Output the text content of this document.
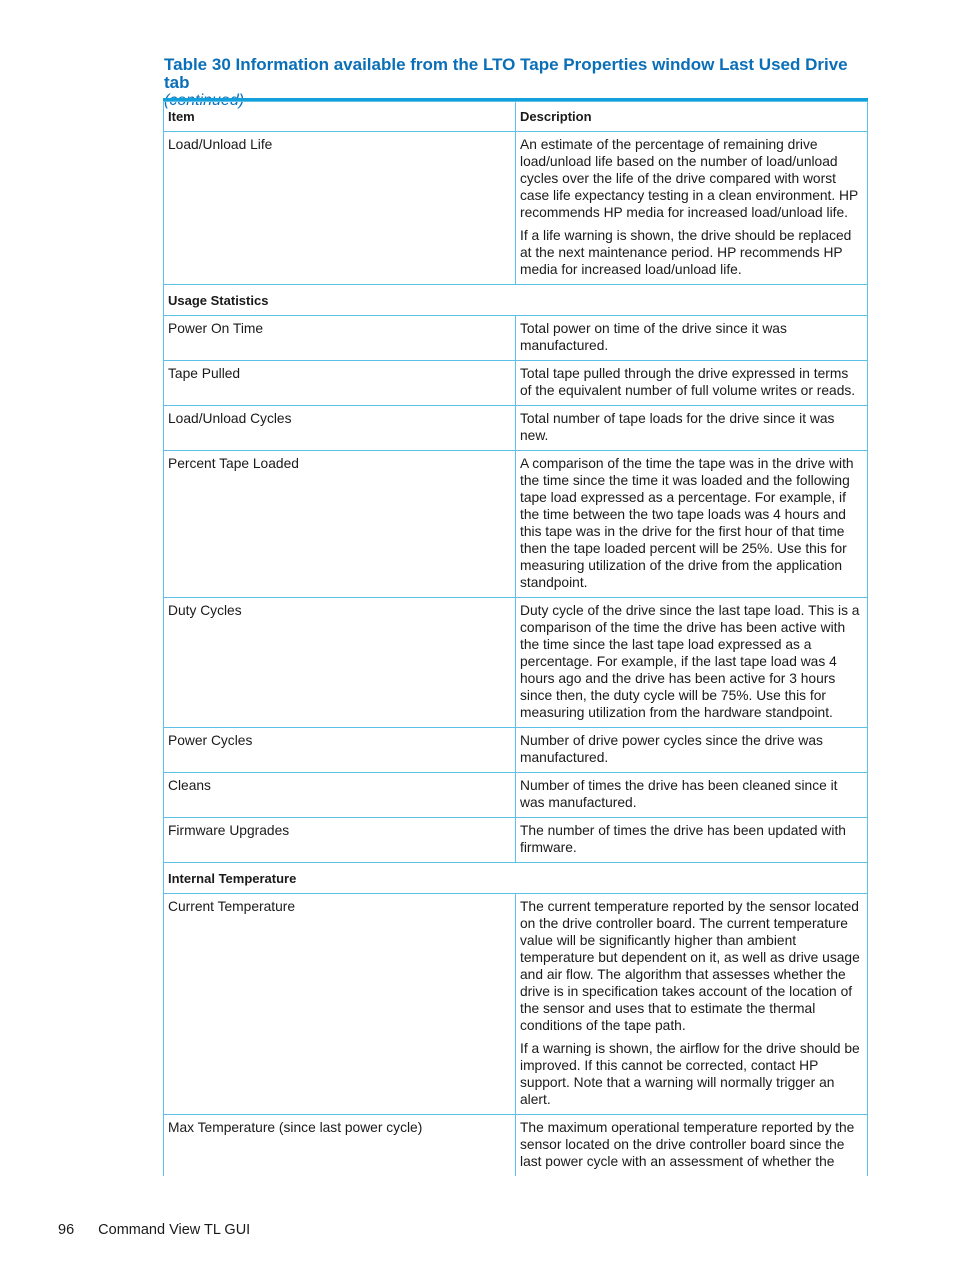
Table 30 Information available from the LTO Tape Properties window Last Used Drive tab
Item	Description
Load/Unload Life	An estimate of the percentage of remaining drive load/unload life based on the number of load/unload cycles over the life of the drive compared with worst case life expectancy testing in a clean environment. HP recommends HP media for increased load/unload life.

If a life warning is shown, the drive should be replaced at the next maintenance period. HP recommends HP media for increased load/unload life.

Usage Statistics	
Power On Time	Total power on time of the drive since it was manufactured.

Tape Pulled	Total tape pulled through the drive expressed in terms of the equivalent number of full volume writes or reads.

Load/Unload Cycles	Total number of tape loads for the drive since it was new.

Percent Tape Loaded	A comparison of the time the tape was in the drive with the time since the time it was loaded and the following tape load expressed as a percentage. For example, if the time between the two tape loads was 4 hours and this tape was in the drive for the first hour of that time then the tape loaded percent will be 25%. Use this for measuring utilization of the drive from the application standpoint.

Duty Cycles	Duty cycle of the drive since the last tape load. This is a comparison of the time the drive has been active with the time since the last tape load expressed as a percentage. For example, if the last tape load was 4 hours ago and the drive has been active for 3 hours since then, the duty cycle will be 75%. Use this for measuring utilization from the hardware standpoint.

Power Cycles	Number of drive power cycles since the drive was manufactured.

Cleans	Number of times the drive has been cleaned since it was manufactured.

Firmware Upgrades	The number of times the drive has been updated with firmware.

Internal Temperature	
Current Temperature	The current temperature reported by the sensor located on the drive controller board. The current temperature value will be significantly higher than ambient temperature but dependent on it, as well as drive usage and air flow. The algorithm that assesses whether the drive is in specification takes account of the location of the sensor and uses that to estimate the thermal conditions of the tape path.

If a warning is shown, the airflow for the drive should be improved. If this cannot be corrected, contact HP support. Note that a warning will normally trigger an alert.

Max Temperature (since last power cycle)	The maximum operational temperature reported by the sensor located on the drive controller board since the last power cycle with an assessment of whether the

96 Command View TL GUI
